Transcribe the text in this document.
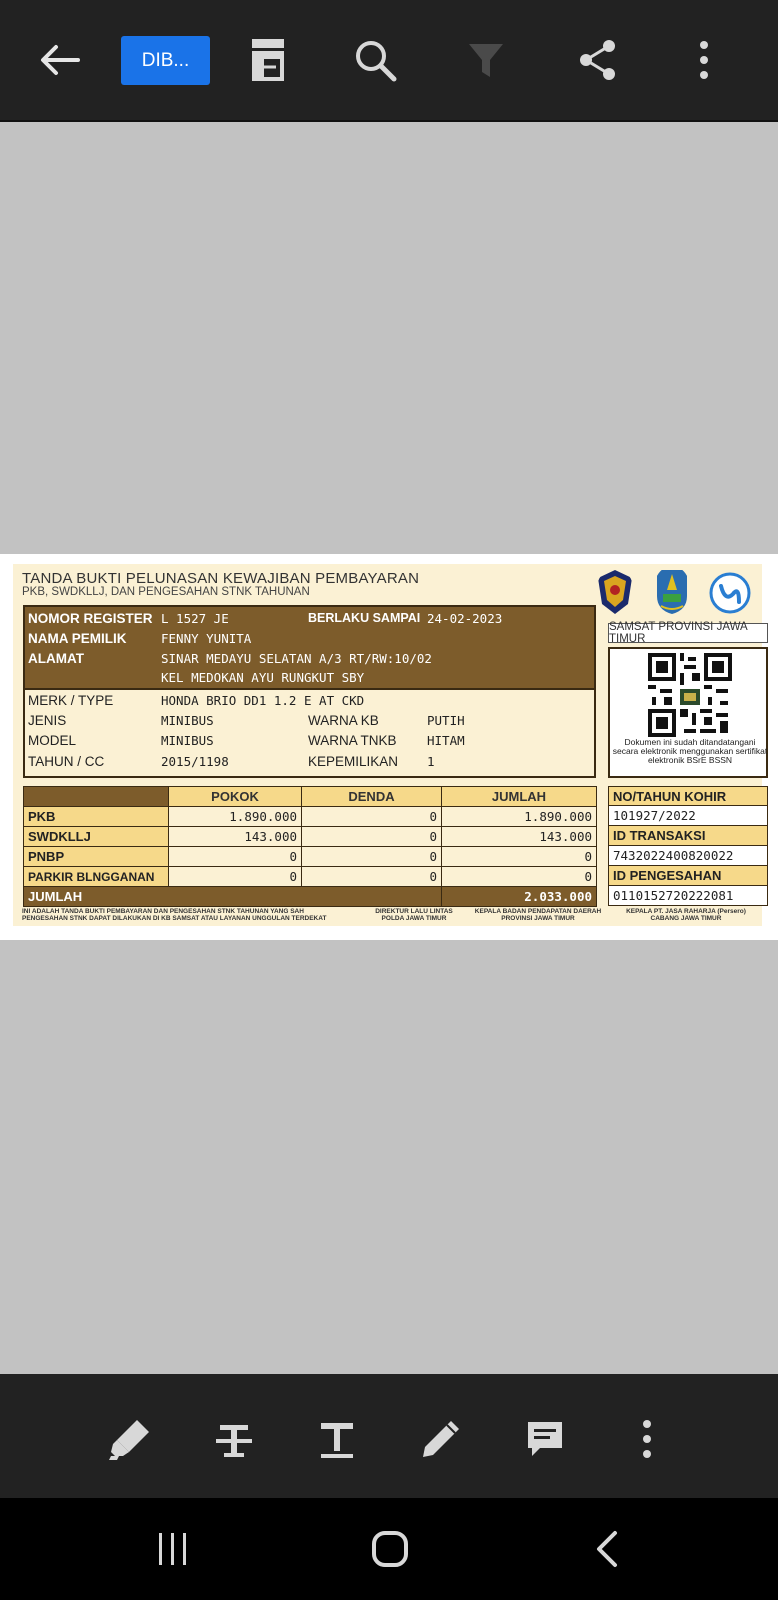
DIB...
TANDA BUKTI PELUNASAN KEWAJIBAN PEMBAYARAN
PKB, SWDKLLJ, DAN PENGESAHAN STNK TAHUNAN
SAMSAT PROVINSI JAWA TIMUR
NOMOR REGISTER L 1527 JE	BERLAKU SAMPAI 24-02-2023
NAMA PEMILIK	FENNY YUNITA
ALAMAT	SINAR MEDAYU SELATAN A/3 RT/RW:10/02
KEL MEDOKAN AYU RUNGKUT SBY
MERK / TYPE	HONDA BRIO DD1 1.2 E AT CKD
JENIS	MINIBUS	WARNA KB	PUTIH
MODEL	MINIBUS	WARNA TNKB HITAM
TAHUN / CC	2015/1198	KEPEMILIKAN 1
Dokumen ini sudah ditandatangani secara elektronik menggunakan sertifikat elektronik BSrE BSSN
	POKOK	DENDA	JUMLAH
PKB	1.890.000	0	1.890.000
SWDKLLJ	143.000	0	143.000
PNBP	0	0	0
PARKIR BLNGGANAN	0	0	0
JUMLAH			2.033.000
NO/TAHUN KOHIR
101927/2022
ID TRANSAKSI
7432022400820022
ID PENGESAHAN
0110152720222081
INI ADALAH TANDA BUKTI PEMBAYARAN DAN PENGESAHAN STNK TAHUNAN YANG SAH
PENGESAHAN STNK DAPAT DILAKUKAN DI KB SAMSAT ATAU LAYANAN UNGGULAN TERDEKAT
DIREKTUR LALU LINTAS
POLDA JAWA TIMUR
KEPALA BADAN PENDAPATAN DAERAH
PROVINSI JAWA TIMUR
KEPALA PT. JASA RAHARJA (Persero)
CABANG JAWA TIMUR
